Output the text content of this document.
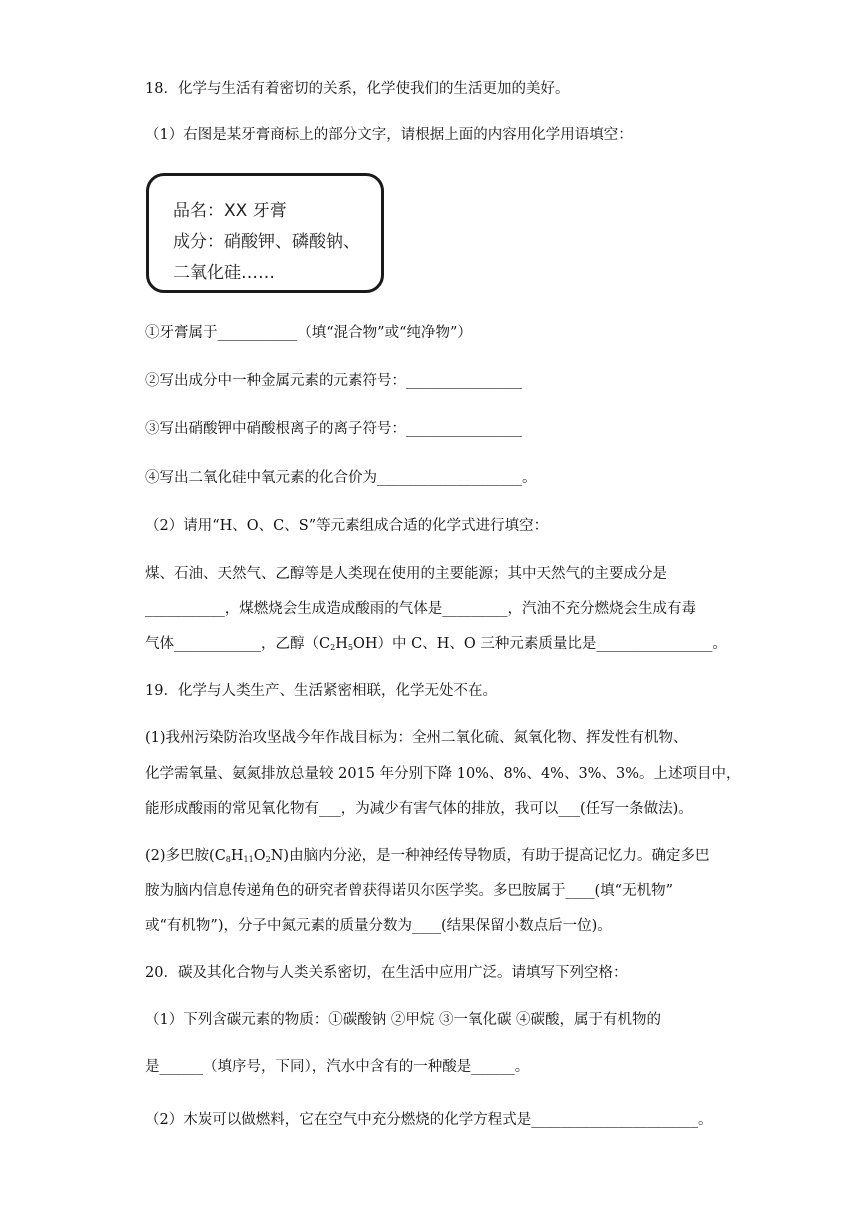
18．化学与生活有着密切的关系，化学使我们的生活更加的美好。
（1）右图是某牙膏商标上的部分文字，请根据上面的内容用化学用语填空：
品名：XX 牙膏
成分：硝酸钾、磷酸钠、
二氧化硅……
①牙膏属于___________（填“混合物”或“纯净物”）
②写出成分中一种金属元素的元素符号：________________
③写出硝酸钾中硝酸根离子的离子符号：________________
④写出二氧化硅中氧元素的化合价为____________________。
（2）请用“H、O、C、S”等元素组成合适的化学式进行填空：
煤、石油、天然气、乙醇等是人类现在使用的主要能源；其中天然气的主要成分是
___________，煤燃烧会生成造成酸雨的气体是_________，汽油不充分燃烧会生成有毒
气体____________，乙醇$(C_2H_5OH)$中 C、H、O 三种元素质量比是________________。
19．化学与人类生产、生活紧密相联，化学无处不在。
(1)我州污染防治攻坚战今年作战目标为：全州二氧化硫、氮氧化物、挥发性有机物、
化学需氧量、氨氮排放总量较 2015 年分别下降 10%、8%、4%、3%、3%。上述项目中，
能形成酸雨的常见氧化物有___，为减少有害气体的排放，我可以___(任写一条做法)。
(2)多巴胺$(C_8H_{11}O_2N)$由脑内分泌，是一种神经传导物质，有助于提高记忆力。确定多巴
胺为脑内信息传递角色的研究者曾获得诺贝尔医学奖。多巴胺属于____(填“无机物”
或“有机物”)，分子中氮元素的质量分数为____(结果保留小数点后一位)。
20．碳及其化合物与人类关系密切，在生活中应用广泛。请填写下列空格：
（1）下列含碳元素的物质：①碳酸钠 ②甲烷 ③一氧化碳 ④碳酸，属于有机物的
是______（填序号，下同），汽水中含有的一种酸是______。
（2）木炭可以做燃料，它在空气中充分燃烧的化学方程式是_______________________。
